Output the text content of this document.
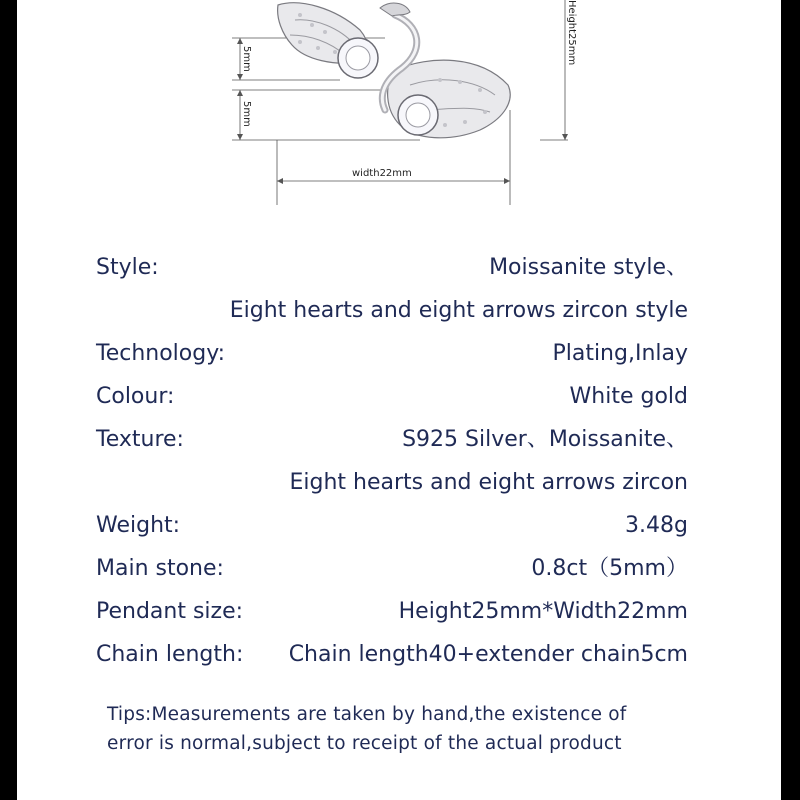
5mm
5mm
Height25mm
width22mm
Style:	Moissanite style、
Eight hearts and eight arrows zircon style
Technology:	Plating,Inlay
Colour:	White gold
Texture:	S925 Silver、Moissanite、
Eight hearts and eight arrows zircon
Weight:	3.48g
Main stone:	0.8ct（5mm）
Pendant size:	Height25mm*Width22mm
Chain length: Chain length40+extender chain5cm
Tips:Measurements are taken by hand,the existence of
error is normal,subject to receipt of the actual product
